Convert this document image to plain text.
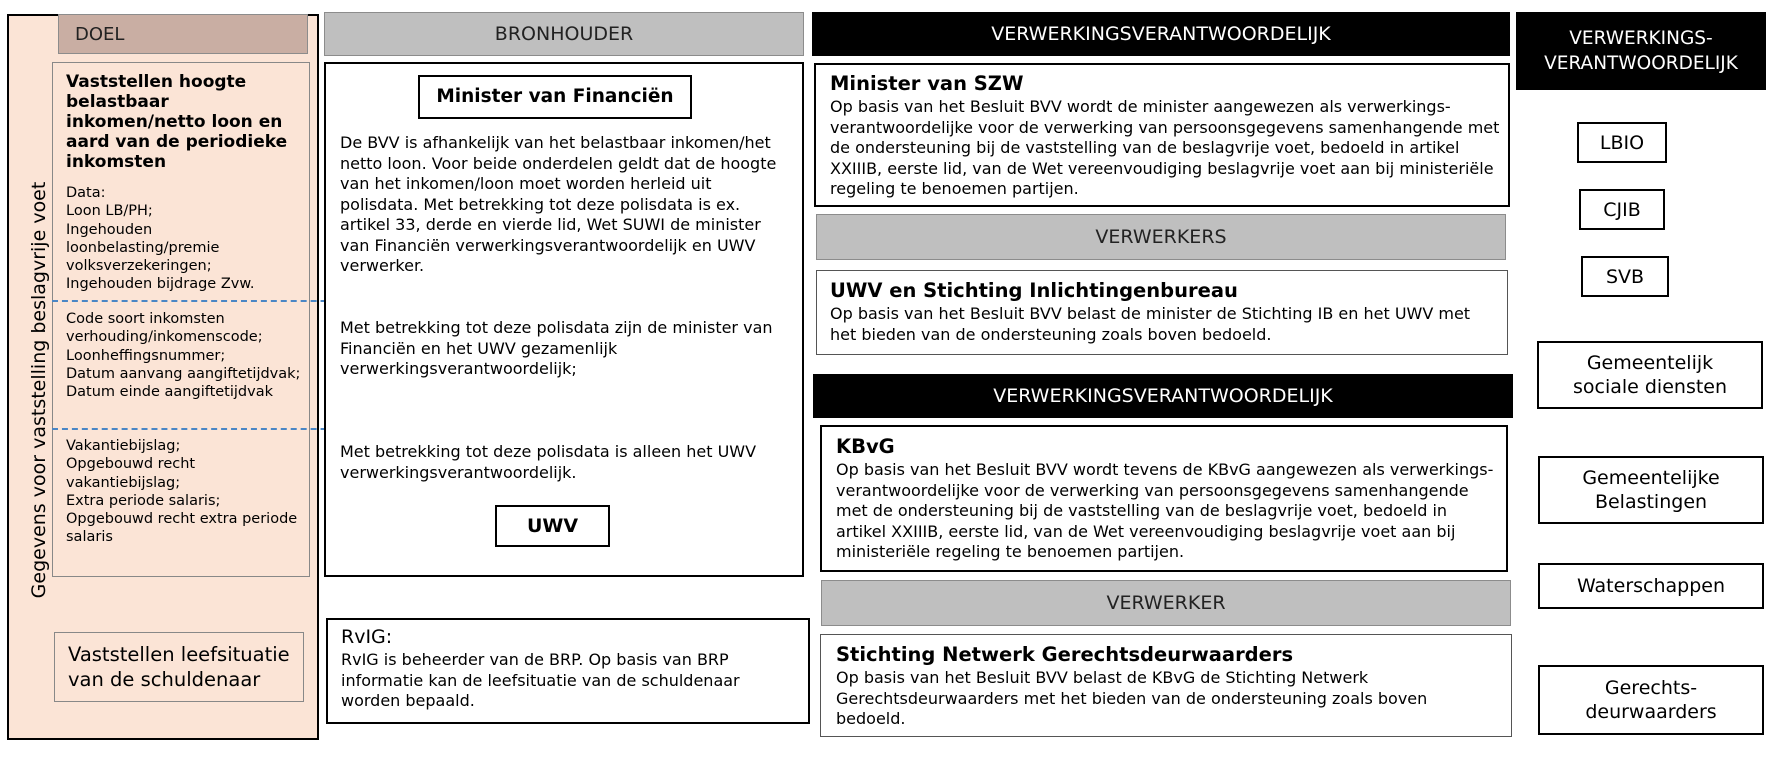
Gegevens voor vaststelling beslagvrije voet
DOEL
Vaststellen hoogte belastbaar inkomen/netto loon en aard van de periodieke inkomsten
Data:
Loon LB/PH;
Ingehouden loonbelasting/premie volksverzekeringen;
Ingehouden bijdrage Zvw.
Code soort inkomsten verhouding/inkomenscode;
Loonheffingsnummer;
Datum aanvang aangiftetijdvak;
Datum einde aangiftetijdvak
Vakantiebijslag;
Opgebouwd recht vakantiebijslag;
Extra periode salaris;
Opgebouwd recht extra periode salaris
Vaststellen leefsituatie van de schuldenaar
BRONHOUDER
Minister van Financiën
De BVV is afhankelijk van het belastbaar inkomen/het netto loon. Voor beide onderdelen geldt dat de hoogte van het inkomen/loon moet worden herleid uit polisdata. Met betrekking tot deze polisdata is ex. artikel 33, derde en vierde lid, Wet SUWI de minister van Financiën verwerkingsverantwoordelijk en UWV verwerker.
Met betrekking tot deze polisdata zijn de minister van Financiën en het UWV gezamenlijk verwerkingsverantwoordelijk;
Met betrekking tot deze polisdata is alleen het UWV verwerkingsverantwoordelijk.
UWV
RvIG:
RvIG is beheerder van de BRP. Op basis van BRP informatie kan de leefsituatie van de schuldenaar worden bepaald.
VERWERKINGSVERANTWOORDELIJK
Minister van SZW
Op basis van het Besluit BVV wordt de minister aangewezen als verwerkings-verantwoordelijke voor de verwerking van persoonsgegevens samenhangende met de ondersteuning bij de vaststelling van de beslagvrije voet, bedoeld in artikel XXIIIB, eerste lid, van de Wet vereenvoudiging beslagvrije voet aan bij ministeriële regeling te benoemen partijen.
VERWERKERS
UWV en Stichting Inlichtingenbureau
Op basis van het Besluit BVV belast de minister de Stichting IB en het UWV met het bieden van de ondersteuning zoals boven bedoeld.
VERWERKINGSVERANTWOORDELIJK
KBvG
Op basis van het Besluit BVV wordt tevens de KBvG aangewezen als verwerkings-verantwoordelijke voor de verwerking van persoonsgegevens samenhangende met de ondersteuning bij de vaststelling van de beslagvrije voet, bedoeld in artikel XXIIIB, eerste lid, van de Wet vereenvoudiging beslagvrije voet aan bij ministeriële regeling te benoemen partijen.
VERWERKER
Stichting Netwerk Gerechtsdeurwaarders
Op basis van het Besluit BVV belast de KBvG de Stichting Netwerk Gerechtsdeurwaarders met het bieden van de ondersteuning zoals boven bedoeld.
VERWERKINGS-
VERANTWOORDELIJK
LBIO
CJIB
SVB
Gemeentelijk sociale diensten
Gemeentelijke Belastingen
Waterschappen
Gerechts-
deurwaarders
